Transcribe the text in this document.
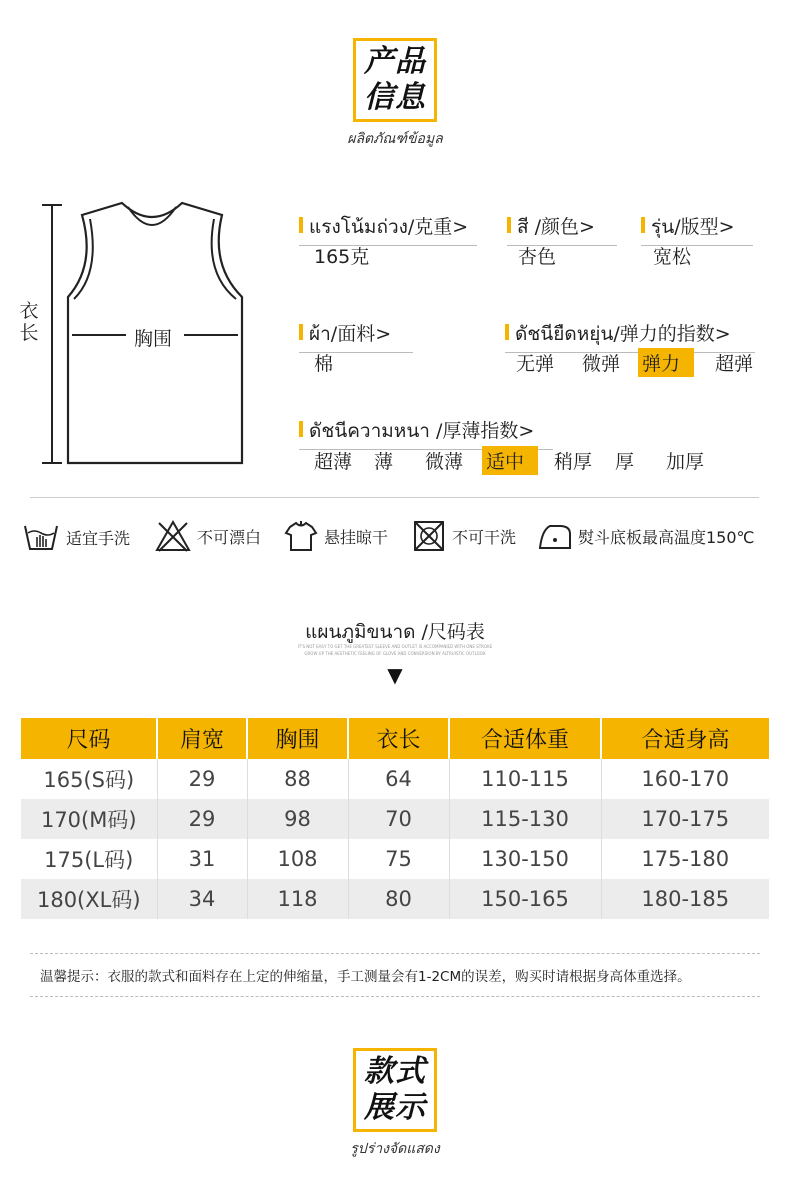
产品
信息
ผลิตภัณฑ์ข้อมูล
衣
长	胸围
แรงโน้มถ่วง/克重>
165克
สี /颜色>
杏色
รุ่น/版型>
宽松
ผ้า/面料>
棉
ดัชนียืดหยุ่น/弹力的指数>
无弹 微弹 弹力	超弹
ดัชนีความหนา /厚薄指数>
超薄 薄 微薄 适中	稍厚 厚 加厚
适宜手洗	不可漂白	悬挂晾干	不可干洗	熨斗底板最高温度150℃
แผนภูมิขนาด /尺码表
IT'S NOT EASY TO GET THE GREATEST SLEEVE AND OUTLET IS ACCOMPANIED WITH ONE STROKE
GROW UP THE AESTHETIC FEELING OF GLOVE AND CONVERSION BY ALTRUISTIC OUTLOOK
▼
尺码	肩宽	胸围	衣长	合适体重	合适身高
165(S码)	29	88	64	110-115	160-170
170(M码)	29	98	70	115-130	170-175
175(L码)	31	108	75	130-150	175-180
180(XL码)	34	118	80	150-165	180-185
温馨提示：衣服的款式和面料存在上定的伸缩量，手工测量会有1-2CM的误差，购买时请根据身高体重选择。
款式
展示
รูปร่างจัดแสดง
